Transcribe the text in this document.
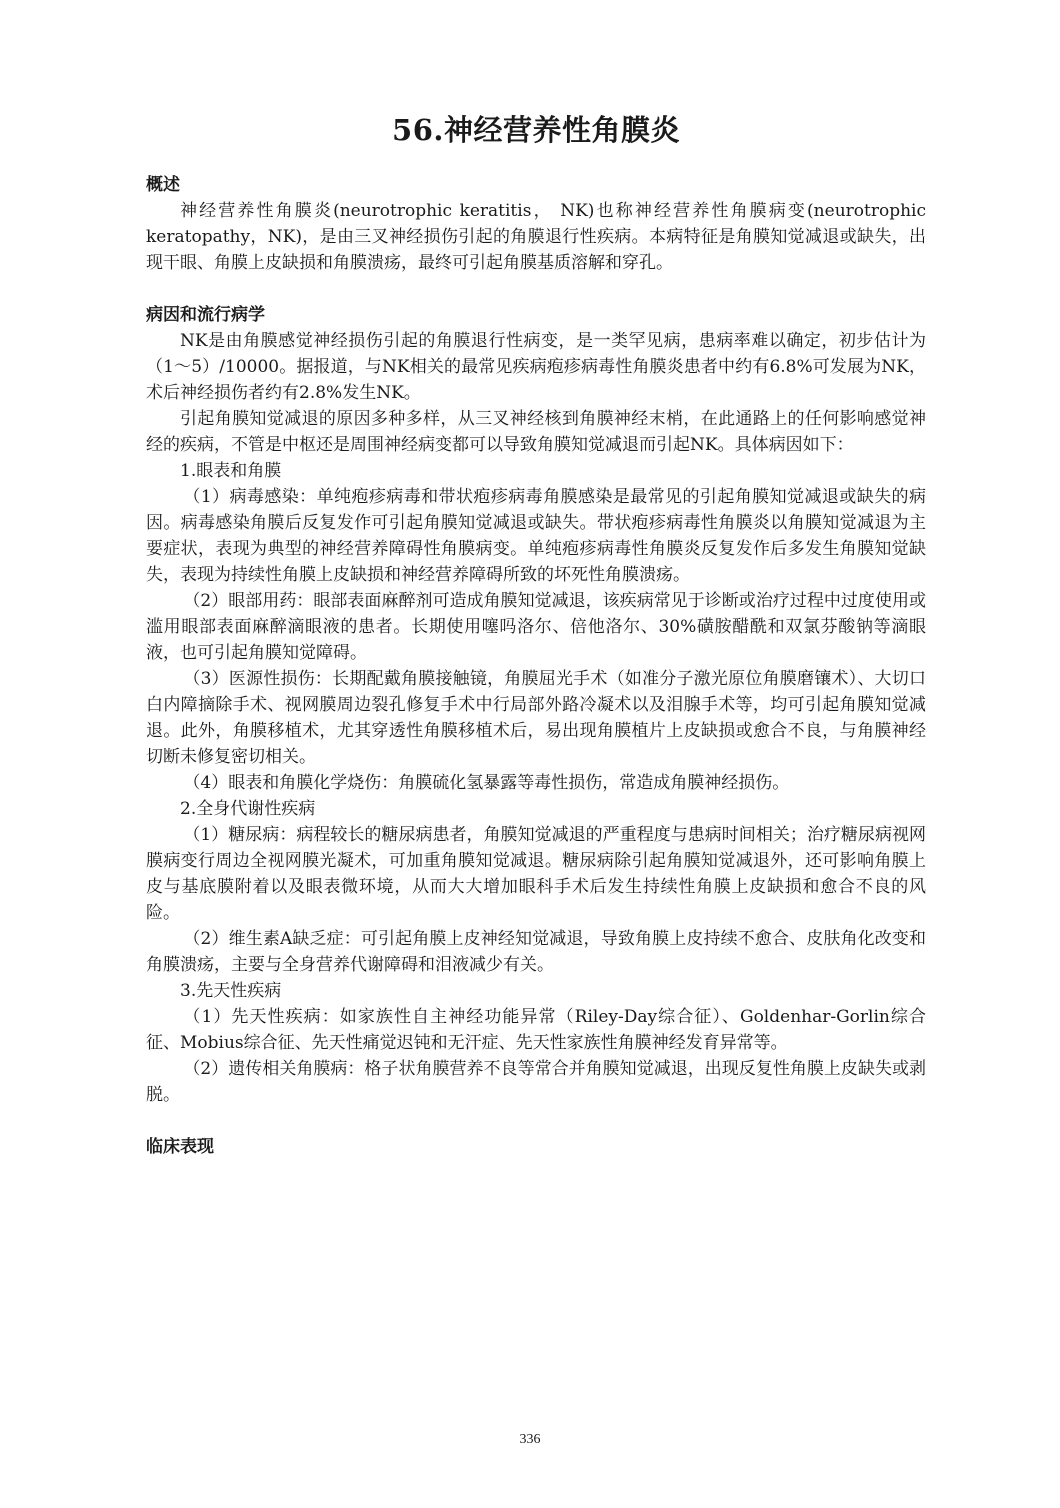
56.神经营养性角膜炎
概述

神经营养性角膜炎(neurotrophic keratitis， NK)也称神经营养性角膜病变(neurotrophic keratopathy，NK)，是由三叉神经损伤引起的角膜退行性疾病。本病特征是角膜知觉减退或缺失，出现干眼、角膜上皮缺损和角膜溃疡，最终可引起角膜基质溶解和穿孔。

病因和流行病学

NK是由角膜感觉神经损伤引起的角膜退行性病变，是一类罕见病，患病率难以确定，初步估计为（1～5）/10000。据报道，与NK相关的最常见疾病疱疹病毒性角膜炎患者中约有6.8%可发展为NK，术后神经损伤者约有2.8%发生NK。

引起角膜知觉减退的原因多种多样，从三叉神经核到角膜神经末梢，在此通路上的任何影响感觉神经的疾病，不管是中枢还是周围神经病变都可以导致角膜知觉减退而引起NK。具体病因如下：

1.眼表和角膜

（1）病毒感染：单纯疱疹病毒和带状疱疹病毒角膜感染是最常见的引起角膜知觉减退或缺失的病因。病毒感染角膜后反复发作可引起角膜知觉减退或缺失。带状疱疹病毒性角膜炎以角膜知觉减退为主要症状，表现为典型的神经营养障碍性角膜病变。单纯疱疹病毒性角膜炎反复发作后多发生角膜知觉缺失，表现为持续性角膜上皮缺损和神经营养障碍所致的坏死性角膜溃疡。

（2）眼部用药：眼部表面麻醉剂可造成角膜知觉减退，该疾病常见于诊断或治疗过程中过度使用或滥用眼部表面麻醉滴眼液的患者。长期使用噻吗洛尔、倍他洛尔、30%磺胺醋酰和双氯芬酸钠等滴眼液，也可引起角膜知觉障碍。

（3）医源性损伤：长期配戴角膜接触镜，角膜屈光手术（如准分子激光原位角膜磨镶术）、大切口白内障摘除手术、视网膜周边裂孔修复手术中行局部外路冷凝术以及泪腺手术等，均可引起角膜知觉减退。此外，角膜移植术，尤其穿透性角膜移植术后，易出现角膜植片上皮缺损或愈合不良，与角膜神经切断未修复密切相关。

（4）眼表和角膜化学烧伤：角膜硫化氢暴露等毒性损伤，常造成角膜神经损伤。

2.全身代谢性疾病

（1）糖尿病：病程较长的糖尿病患者，角膜知觉减退的严重程度与患病时间相关；治疗糖尿病视网膜病变行周边全视网膜光凝术，可加重角膜知觉减退。糖尿病除引起角膜知觉减退外，还可影响角膜上皮与基底膜附着以及眼表微环境，从而大大增加眼科手术后发生持续性角膜上皮缺损和愈合不良的风险。

（2）维生素A缺乏症：可引起角膜上皮神经知觉减退，导致角膜上皮持续不愈合、皮肤角化改变和角膜溃疡，主要与全身营养代谢障碍和泪液减少有关。

3.先天性疾病

（1）先天性疾病：如家族性自主神经功能异常（Riley-Day综合征）、Goldenhar-Gorlin综合征、Mobius综合征、先天性痛觉迟钝和无汗症、先天性家族性角膜神经发育异常等。

（2）遗传相关角膜病：格子状角膜营养不良等常合并角膜知觉减退，出现反复性角膜上皮缺失或剥脱。

临床表现
336
